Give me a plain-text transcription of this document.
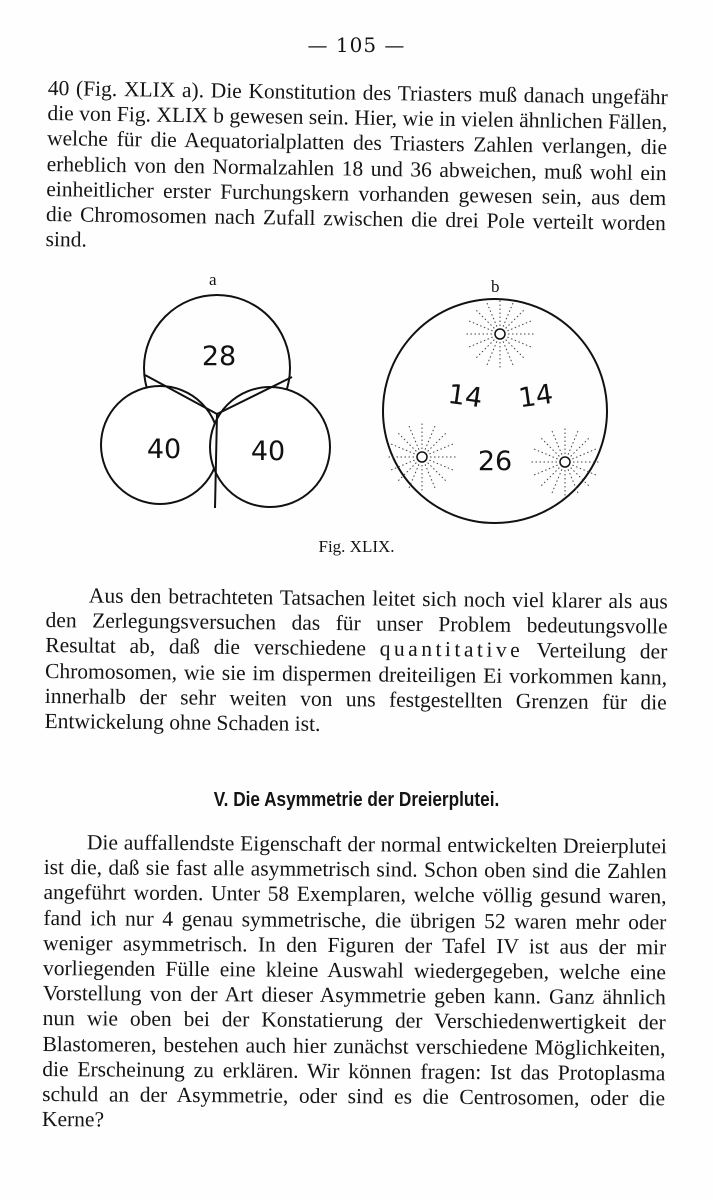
— 105 —

40 (Fig. XLIX a). Die Konstitution des Triasters muß danach ungefähr die von Fig. XLIX b gewesen sein. Hier, wie in vielen ähnlichen Fällen, welche für die Aequatorialplatten des Triasters Zahlen verlangen, die erheblich von den Normalzahlen 18 und 36 abweichen, muß wohl ein einheitlicher erster Furchungskern vorhanden gewesen sein, aus dem die Chromosomen nach Zufall zwischen die drei Pole verteilt worden sind.

a	b
28
40	40
14 14
26
Fig. XLIX.

Aus den betrachteten Tatsachen leitet sich noch viel klarer als aus den Zerlegungsversuchen das für unser Problem bedeutungsvolle Resultat ab, daß die verschiedene quantitative Verteilung der Chromosomen, wie sie im dispermen dreiteiligen Ei vorkommen kann, innerhalb der sehr weiten von uns festgestellten Grenzen für die Entwickelung ohne Schaden ist.

V. Die Asymmetrie der Dreierplutei.

Die auffallendste Eigenschaft der normal entwickelten Dreierplutei ist die, daß sie fast alle asymmetrisch sind. Schon oben sind die Zahlen angeführt worden. Unter 58 Exemplaren, welche völlig gesund waren, fand ich nur 4 genau symmetrische, die übrigen 52 waren mehr oder weniger asymmetrisch. In den Figuren der Tafel IV ist aus der mir vorliegenden Fülle eine kleine Auswahl wiedergegeben, welche eine Vorstellung von der Art dieser Asymmetrie geben kann. Ganz ähnlich nun wie oben bei der Konstatierung der Verschiedenwertigkeit der Blastomeren, bestehen auch hier zunächst verschiedene Möglichkeiten, die Erscheinung zu erklären. Wir können fragen: Ist das Protoplasma schuld an der Asymmetrie, oder sind es die Centrosomen, oder die Kerne?
